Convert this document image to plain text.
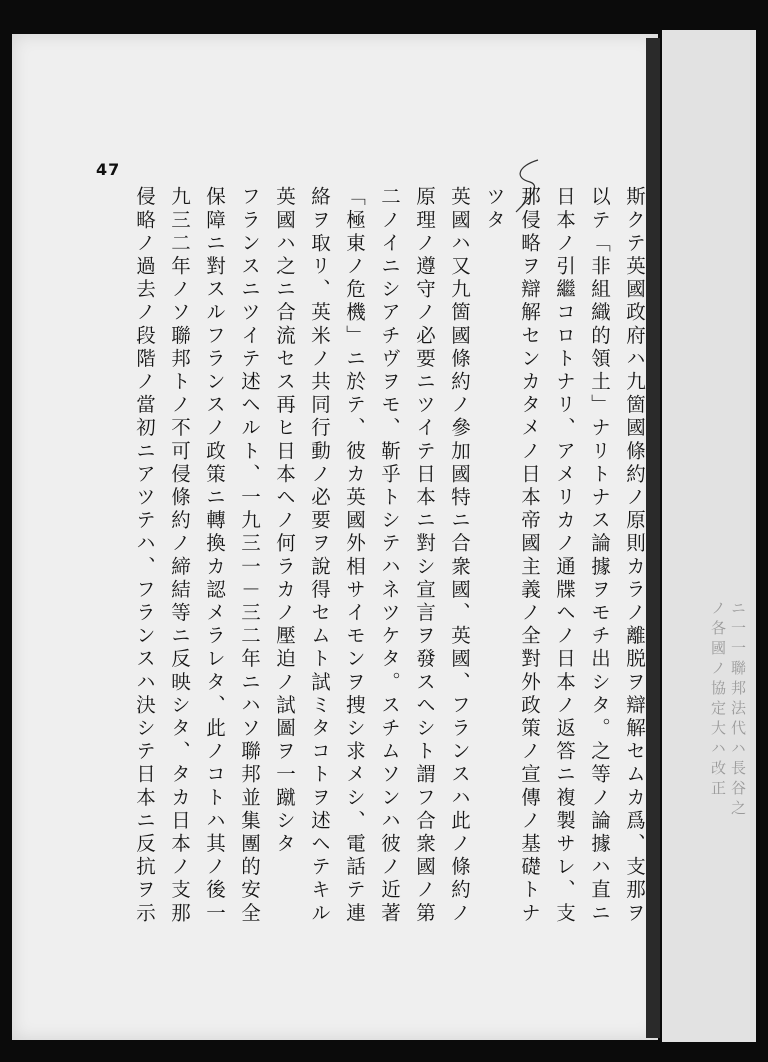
ニ一一聯邦法代ハ長谷之
ノ各國ノ協定大ハ改正
47
斯クテ英國政府ハ九箇國條約ノ原則カラノ離脱ヲ辯解セムカ爲、支那ヲ
以テ「非組織的領土」ナリトナス論據ヲモチ出シタ。之等ノ論據ハ直ニ
日本ノ引繼コロトナリ、アメリカノ通牒ヘノ日本ノ返答ニ複製サレ、支
那侵略ヲ辯解センカタメノ日本帝國主義ノ全對外政策ノ宣傳ノ基礎トナ
ツタ
英國ハ又九箇國條約ノ參加國特ニ合衆國、英國、フランスハ此ノ條約ノ
原理ノ遵守ノ必要ニツイテ日本ニ對シ宣言ヲ發スヘシト謂フ合衆國ノ第
二ノイニシアチヴヲモ、靳乎トシテハネツケタ。スチムソンハ彼ノ近著
「極東ノ危機」ニ於テ、彼カ英國外相サイモンヲ捜シ求メシ、電話テ連
絡ヲ取リ、英米ノ共同行動ノ必要ヲ說得セムト試ミタコトヲ述ヘテキル
英國ハ之ニ合流セス再ヒ日本ヘノ何ラカノ壓迫ノ試圖ヲ一蹴シタ
フランスニツイテ述ヘルト、一九三一－三二年ニハソ聯邦並集團的安全
保障ニ對スルフランスノ政策ニ轉換カ認メラレタ、此ノコトハ其ノ後一
九三二年ノソ聯邦トノ不可侵條約ノ締結等ニ反映シタ、タカ日本ノ支那
侵略ノ過去ノ段階ノ當初ニアツテハ、フランスハ決シテ日本ニ反抗ヲ示
